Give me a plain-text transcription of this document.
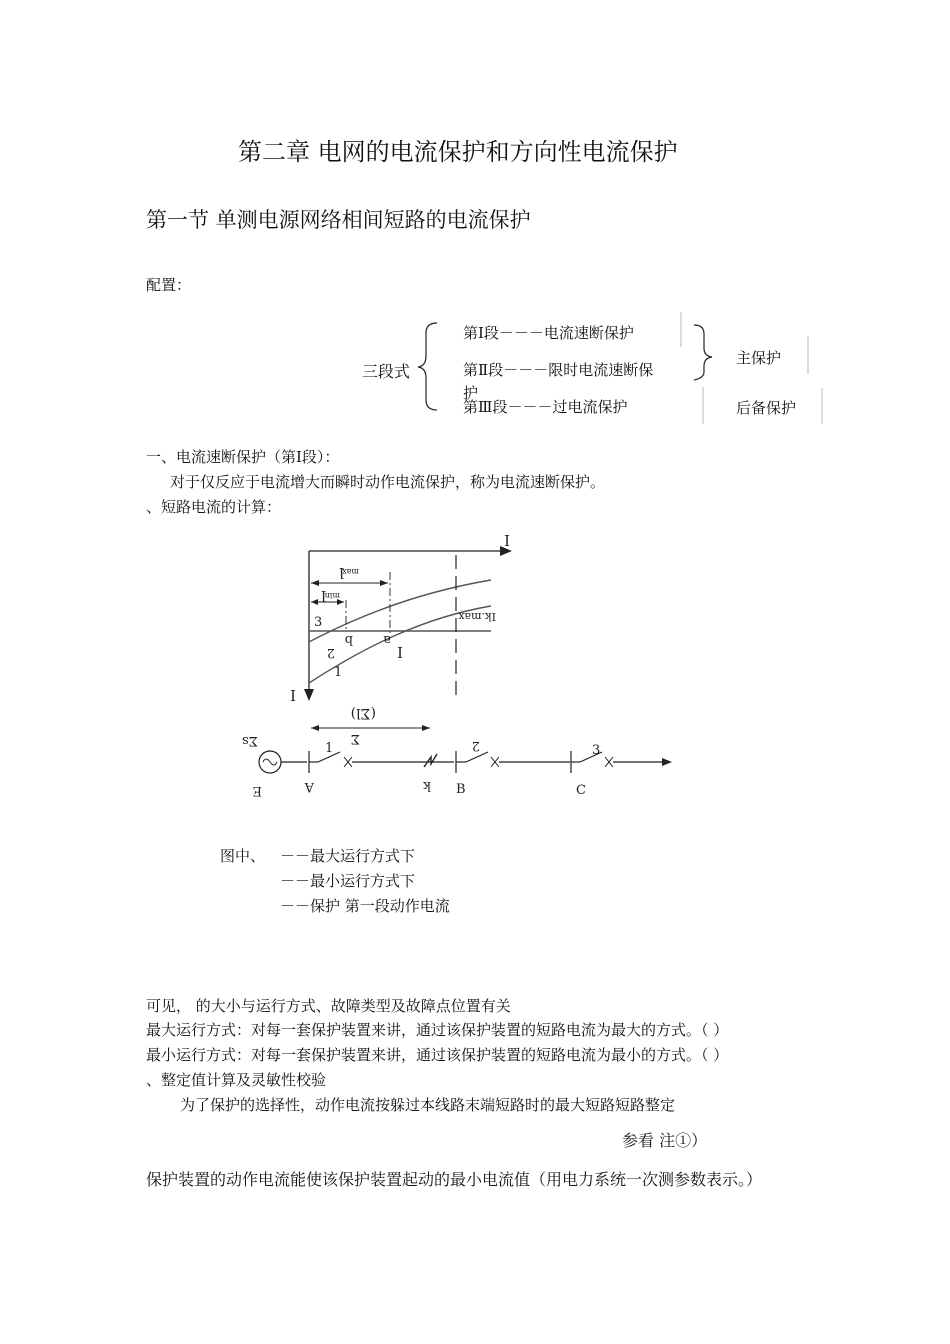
第二章 电网的电流保护和方向性电流保护
第一节 单测电源网络相间短路的电流保护
配置：
三段式
第Ⅰ段－－－电流速断保护
第Ⅱ段－－－限时电流速断保
护
第Ⅲ段－－－过电流保护
主保护
后备保护
一、电流速断保护（第Ⅰ段）：
对于仅反应于电流增大而瞬时动作电流保护，称为电流速断保护。
、短路电流的计算：
I
I
l
max
l
min
Ik.max
I
3
2
1
a
b
(Σl)
Σ
Σs
E	A
1
k B
2
C
3
图中、 －－最大运行方式下
－－最小运行方式下
－－保护 第一段动作电流
可见， 的大小与运行方式、故障类型及故障点位置有关
最大运行方式：对每一套保护装置来讲，通过该保护装置的短路电流为最大的方式。（ ）
最小运行方式：对每一套保护装置来讲，通过该保护装置的短路电流为最小的方式。（ ）
、整定值计算及灵敏性校验
为了保护的选择性，动作电流按躲过本线路末端短路时的最大短路短路整定
参看 注①）
保护装置的动作电流能使该保护装置起动的最小电流值（用电力系统一次测参数表示。）
